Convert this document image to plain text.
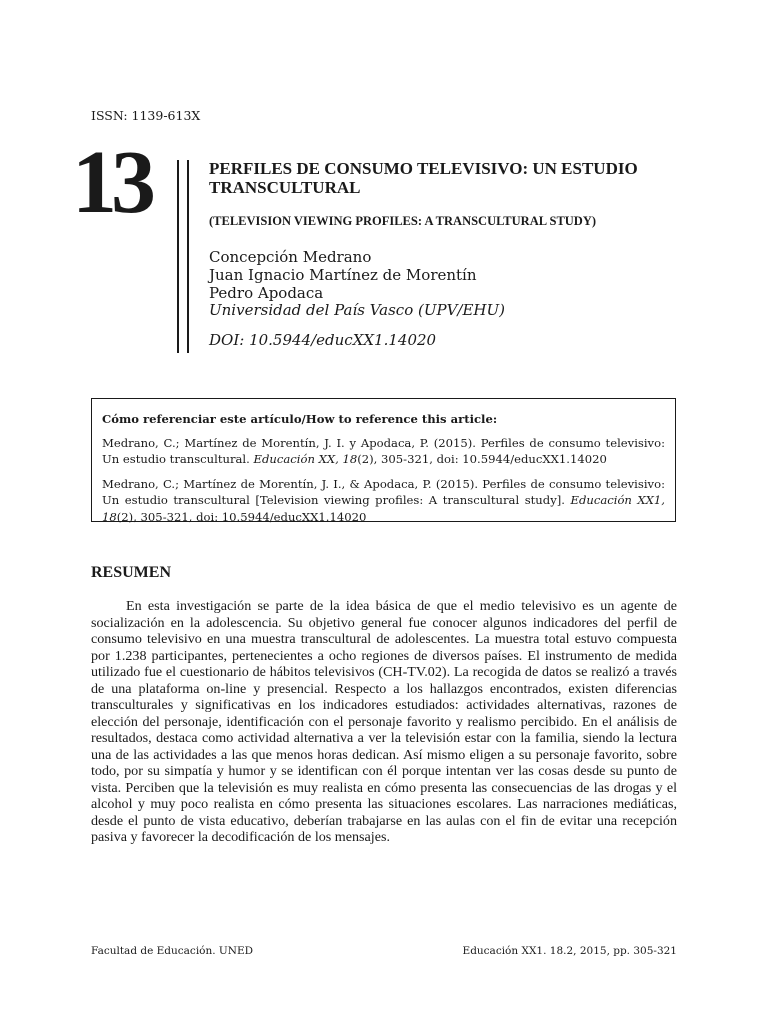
ISSN: 1139-613X
13	PERFILES DE CONSUMO TELEVISIVO: UN ESTUDIO TRANSCULTURAL
(TELEVISION VIEWING PROFILES: A TRANSCULTURAL STUDY)
Concepción Medrano
Juan Ignacio Martínez de Morentín
Pedro Apodaca
Universidad del País Vasco (UPV/EHU)
DOI: 10.5944/educXX1.14020
Cómo referenciar este artículo/How to reference this article:
Medrano, C.; Martínez de Morentín, J. I. y Apodaca, P. (2015). Perfiles de consumo televisivo: Un estudio transcultural. Educación XX, 18(2), 305-321, doi: 10.5944/educXX1.14020
Medrano, C.; Martínez de Morentín, J. I., & Apodaca, P. (2015). Perfiles de consumo televisivo: Un estudio transcultural [Television viewing profiles: A transcultural study]. Educación XX1, 18(2), 305-321, doi: 10.5944/educXX1.14020
RESUMEN
En esta investigación se parte de la idea básica de que el medio televisivo es un agente de socialización en la adolescencia. Su objetivo general fue conocer algunos indicadores del perfil de consumo televisivo en una muestra transcultural de adolescentes. La muestra total estuvo compuesta por 1.238 participantes, pertenecientes a ocho regiones de diversos países. El instrumento de medida utilizado fue el cuestionario de hábitos televisivos (CH-TV.02). La recogida de datos se realizó a través de una plataforma on-line y presencial. Respecto a los hallazgos encontrados, existen diferencias transculturales y significativas en los indicadores estudiados: actividades alternativas, razones de elección del personaje, identificación con el personaje favorito y realismo percibido. En el análisis de resultados, destaca como actividad alternativa a ver la televisión estar con la familia, siendo la lectura una de las actividades a las que menos horas dedican. Así mismo eligen a su personaje favorito, sobre todo, por su simpatía y humor y se identifican con él porque intentan ver las cosas desde su punto de vista. Perciben que la televisión es muy realista en cómo presenta las consecuencias de las drogas y el alcohol y muy poco realista en cómo presenta las situaciones escolares. Las narraciones mediáticas, desde el punto de vista educativo, deberían trabajarse en las aulas con el fin de evitar una recepción pasiva y favorecer la decodificación de los mensajes.
Facultad de Educación. UNED	Educación XX1. 18.2, 2015, pp. 305-321
